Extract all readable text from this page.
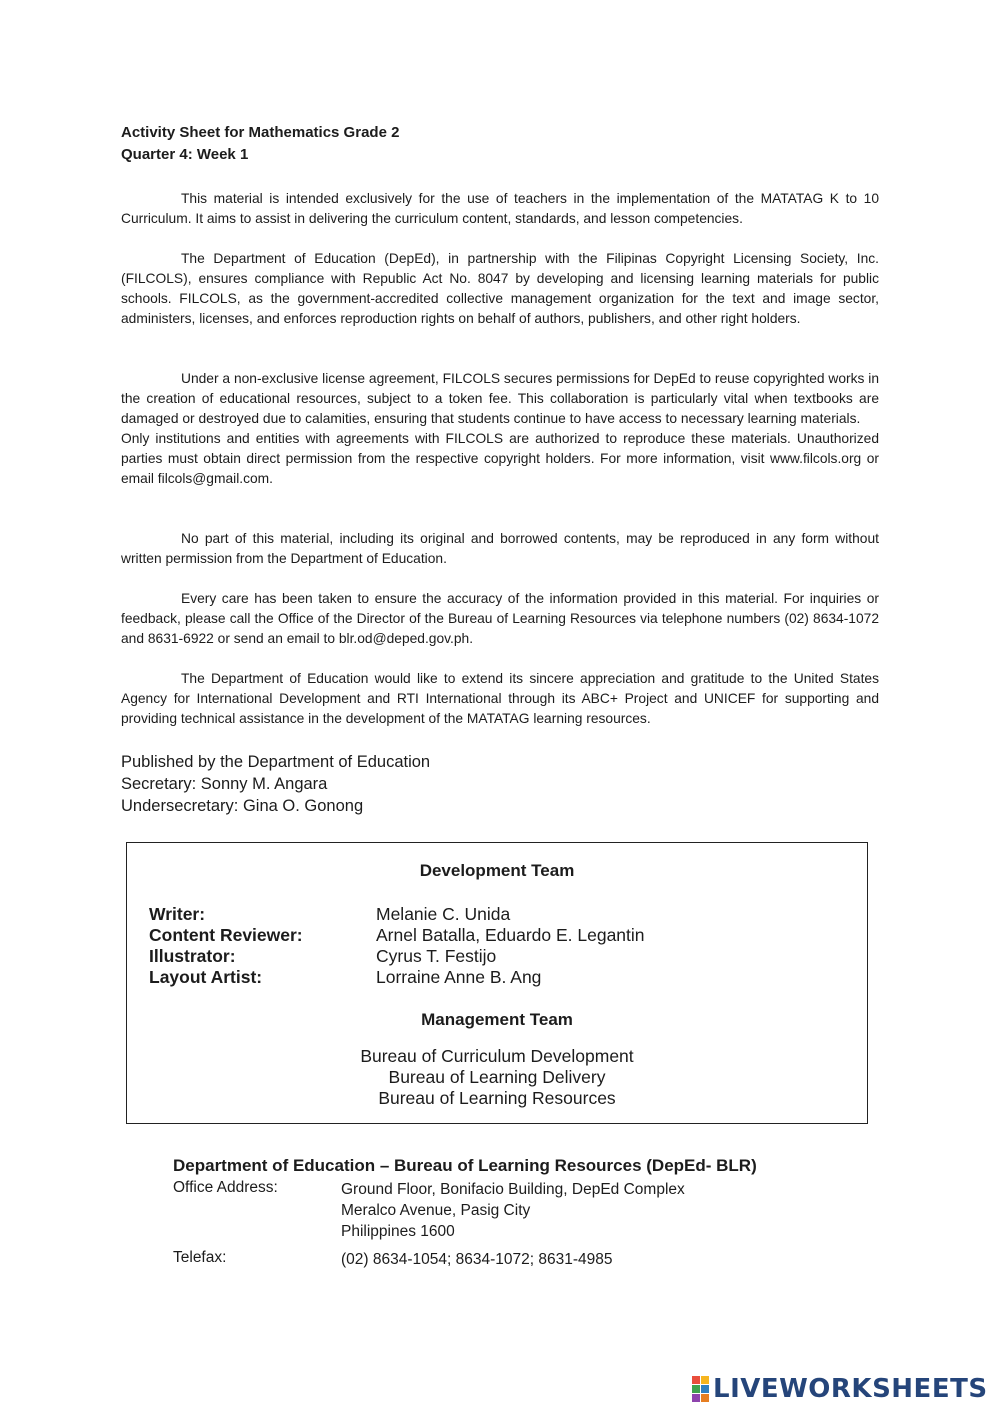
Activity Sheet for Mathematics Grade 2
Quarter 4: Week 1

This material is intended exclusively for the use of teachers in the implementation of the MATATAG K to 10 Curriculum. It aims to assist in delivering the curriculum content, standards, and lesson competencies.

The Department of Education (DepEd), in partnership with the Filipinas Copyright Licensing Society, Inc. (FILCOLS), ensures compliance with Republic Act No. 8047 by developing and licensing learning materials for public schools. FILCOLS, as the government-accredited collective management organization for the text and image sector, administers, licenses, and enforces reproduction rights on behalf of authors, publishers, and other right holders.

Under a non-exclusive license agreement, FILCOLS secures permissions for DepEd to reuse copyrighted works in the creation of educational resources, subject to a token fee. This collaboration is particularly vital when textbooks are damaged or destroyed due to calamities, ensuring that students continue to have access to necessary learning materials.

Only institutions and entities with agreements with FILCOLS are authorized to reproduce these materials. Unauthorized parties must obtain direct permission from the respective copyright holders. For more information, visit www.filcols.org or email filcols@gmail.com.

No part of this material, including its original and borrowed contents, may be reproduced in any form without written permission from the Department of Education.

Every care has been taken to ensure the accuracy of the information provided in this material. For inquiries or feedback, please call the Office of the Director of the Bureau of Learning Resources via telephone numbers (02) 8634-1072 and 8631-6922 or send an email to blr.od@deped.gov.ph.

The Department of Education would like to extend its sincere appreciation and gratitude to the United States Agency for International Development and RTI International through its ABC+ Project and UNICEF for supporting and providing technical assistance in the development of the MATATAG learning resources.

Published by the Department of Education
Secretary: Sonny M. Angara
Undersecretary: Gina O. Gonong
Development Team
Writer:	Melanie C. Unida
Content Reviewer:	Arnel Batalla, Eduardo E. Legantin
Illustrator:	Cyrus T. Festijo
Layout Artist:	Lorraine Anne B. Ang
Management Team
Bureau of Curriculum Development
Bureau of Learning Delivery
Bureau of Learning Resources
Department of Education – Bureau of Learning Resources (DepEd- BLR)
Office Address:	Ground Floor, Bonifacio Building, DepEd Complex
Meralco Avenue, Pasig City
Philippines 1600
Telefax:	(02) 8634-1054; 8634-1072; 8631-4985
LIVEWORKSHEETS
